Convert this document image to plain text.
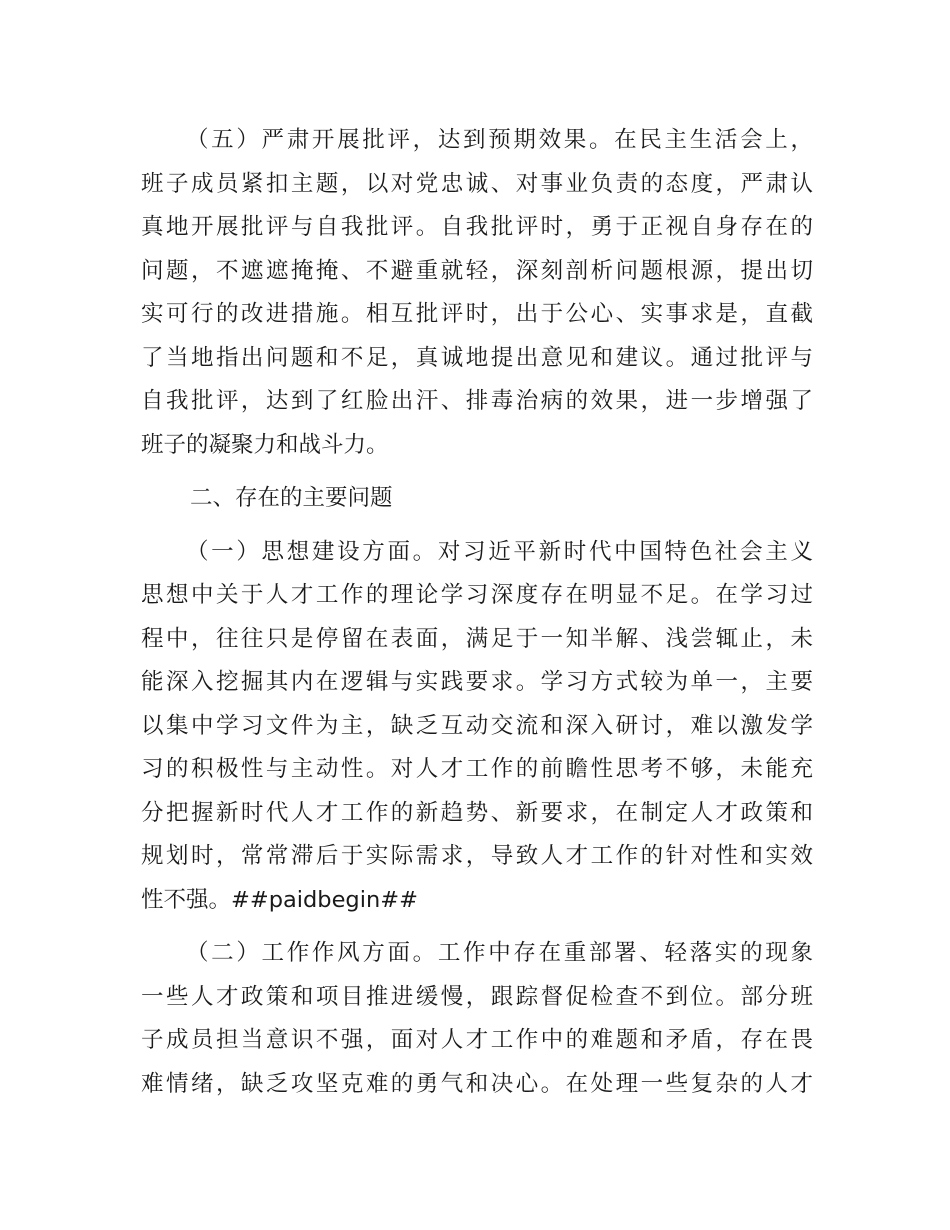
（五）严肃开展批评，达到预期效果。在民主生活会上，
班子成员紧扣主题，以对党忠诚、对事业负责的态度，严肃认
真地开展批评与自我批评。自我批评时，勇于正视自身存在的
问题，不遮遮掩掩、不避重就轻，深刻剖析问题根源，提出切
实可行的改进措施。相互批评时，出于公心、实事求是，直截
了当地指出问题和不足，真诚地提出意见和建议。通过批评与
自我批评，达到了红脸出汗、排毒治病的效果，进一步增强了
班子的凝聚力和战斗力。
二、存在的主要问题
（一）思想建设方面。对习近平新时代中国特色社会主义
思想中关于人才工作的理论学习深度存在明显不足。在学习过
程中，往往只是停留在表面，满足于一知半解、浅尝辄止，未
能深入挖掘其内在逻辑与实践要求。学习方式较为单一，主要
以集中学习文件为主，缺乏互动交流和深入研讨，难以激发学
习的积极性与主动性。对人才工作的前瞻性思考不够，未能充
分把握新时代人才工作的新趋势、新要求，在制定人才政策和
规划时，常常滞后于实际需求，导致人才工作的针对性和实效
性不强。##paidbegin##
（二）工作作风方面。工作中存在重部署、轻落实的现象
一些人才政策和项目推进缓慢，跟踪督促检查不到位。部分班
子成员担当意识不强，面对人才工作中的难题和矛盾，存在畏
难情绪，缺乏攻坚克难的勇气和决心。在处理一些复杂的人才
